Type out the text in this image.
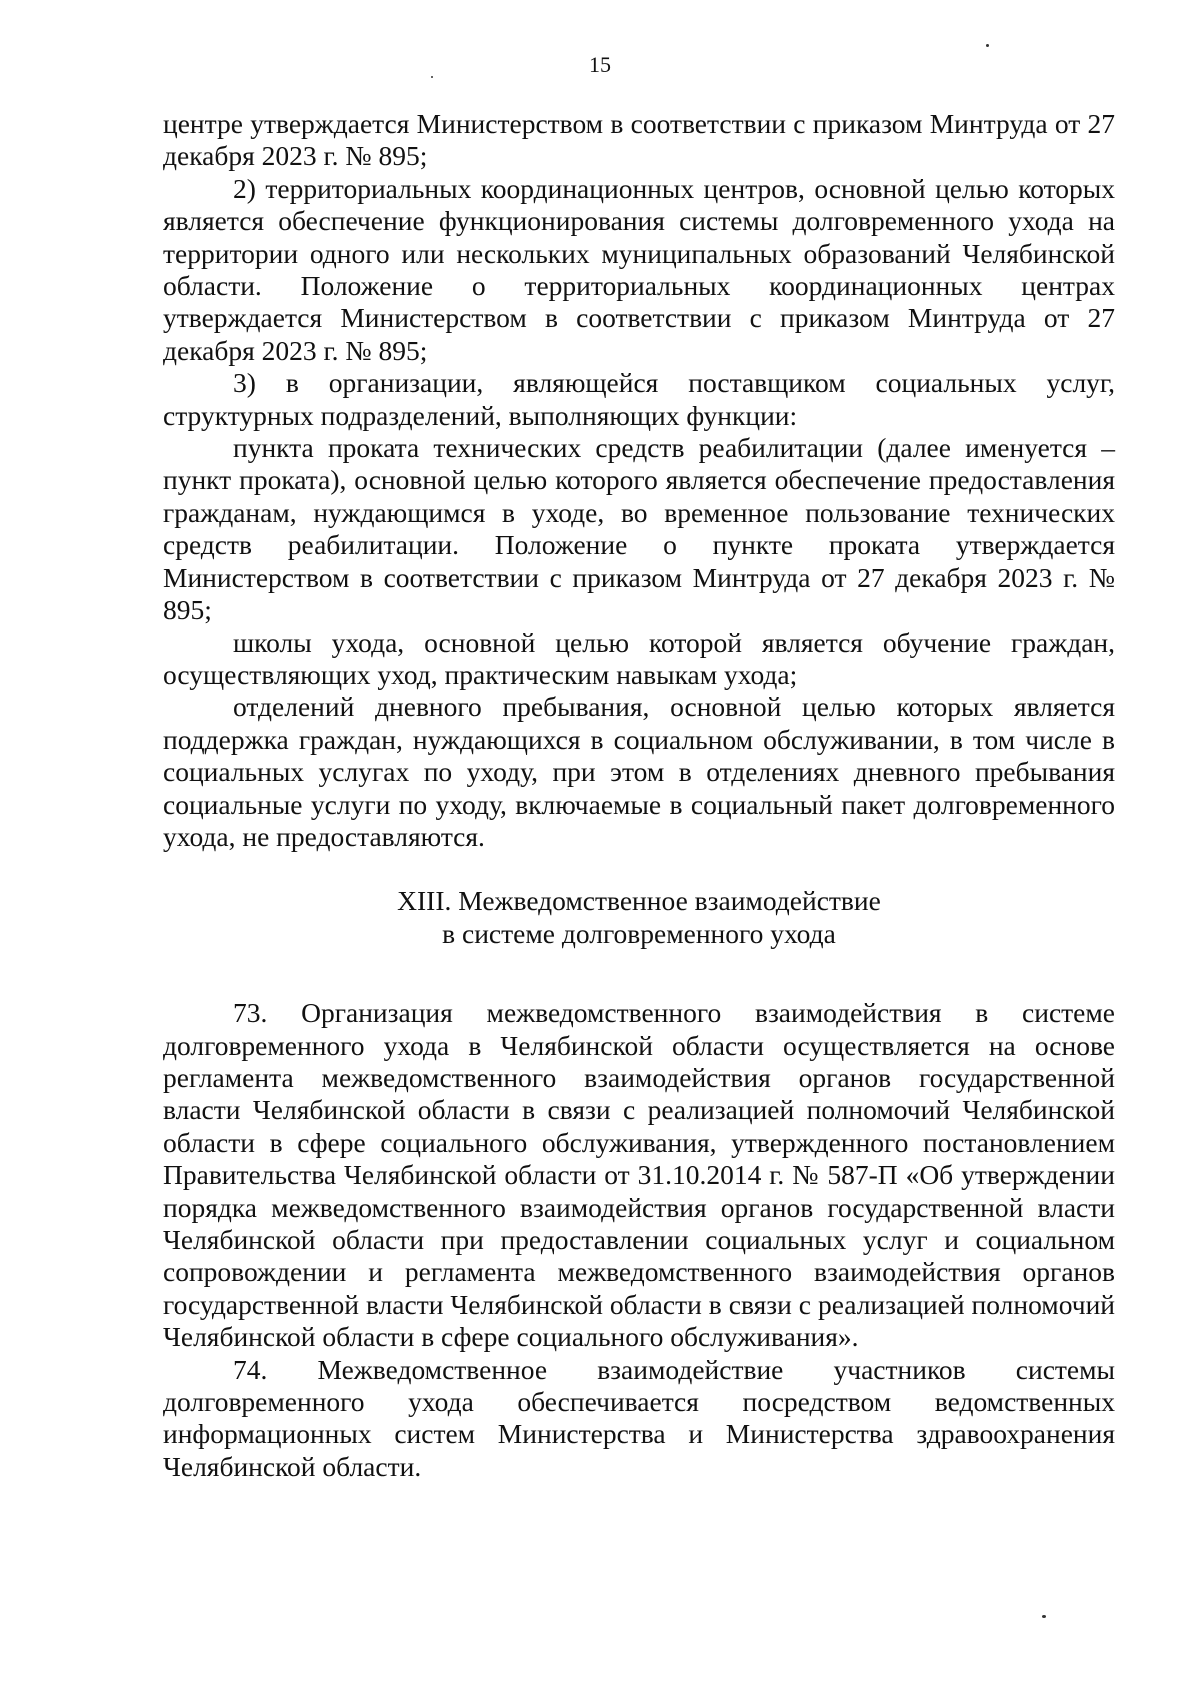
15

центре утверждается Министерством в соответствии с приказом Минтруда от 27 декабря 2023 г. № 895;

2) территориальных координационных центров, основной целью которых является обеспечение функционирования системы долговременного ухода на территории одного или нескольких муниципальных образований Челябинской области. Положение о территориальных координационных центрах утверждается Министерством в соответствии с приказом Минтруда от 27 декабря 2023 г. № 895;

3) в организации, являющейся поставщиком социальных услуг, структурных подразделений, выполняющих функции:

пункта проката технических средств реабилитации (далее именуется – пункт проката), основной целью которого является обеспечение предоставления гражданам, нуждающимся в уходе, во временное пользование технических средств реабилитации. Положение о пункте проката утверждается Министерством в соответствии с приказом Минтруда от 27 декабря 2023 г. № 895;

школы ухода, основной целью которой является обучение граждан, осуществляющих уход, практическим навыкам ухода;

отделений дневного пребывания, основной целью которых является поддержка граждан, нуждающихся в социальном обслуживании, в том числе в социальных услугах по уходу, при этом в отделениях дневного пребывания социальные услуги по уходу, включаемые в социальный пакет долговременного ухода, не предоставляются.

XIII. Межведомственное взаимодействие
в системе долговременного ухода

73. Организация межведомственного взаимодействия в системе долговременного ухода в Челябинской области осуществляется на основе регламента межведомственного взаимодействия органов государственной власти Челябинской области в связи с реализацией полномочий Челябинской области в сфере социального обслуживания, утвержденного постановлением Правительства Челябинской области от 31.10.2014 г. № 587-П «Об утверждении порядка межведомственного взаимодействия органов государственной власти Челябинской области при предоставлении социальных услуг и социальном сопровождении и регламента межведомственного взаимодействия органов государственной власти Челябинской области в связи с реализацией полномочий Челябинской области в сфере социального обслуживания».

74. Межведомственное взаимодействие участников системы долговременного ухода обеспечивается посредством ведомственных информационных систем Министерства и Министерства здравоохранения Челябинской области.
